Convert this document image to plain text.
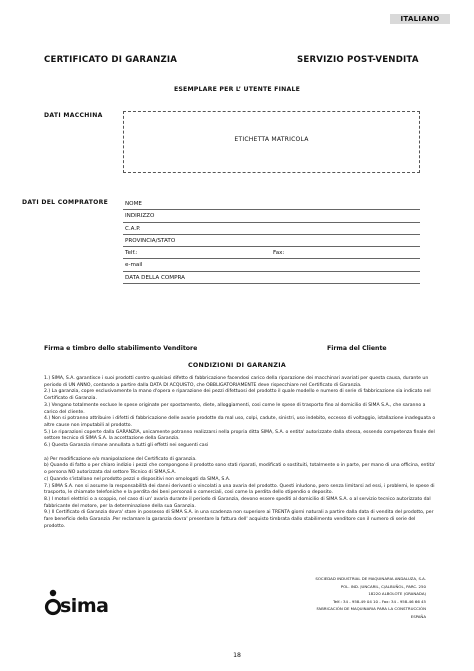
ITALIANO
CERTIFICATO DI GARANZIA	SERVIZIO POST-VENDITA
ESEMPLARE PER L’ UTENTE FINALE
DATI MACCHINA
ETICHETTA MATRICOLA
DATI DEL COMPRATORE	NOME
INDIRIZZO
C.A.P.
PROVINCIA/STATO
Telf.:	Fax:
e-mail
DATA DELLA COMPRA
Firma e timbro dello stabilimento Venditore	Firma del Cliente
CONDIZIONI DI GARANZIA

1.) SIMA, S.A. garantisce i suoi prodotti contro qualsiasi difetto di fabbricazione facendosi carico della riparazione dei macchinari avariati per questa causa, durante un periodo di UN ANNO, contando a partire dalla DATA DI ACQUISTO, che OBBLIGATORIAMENTE deve rispecchiare nel Certificato di Garanzia.

2.) La garanzia, copre esclusivamente la mano d'opera e riparazione dei pezzi difettuosi del prodotto il quale modello e numero di serie di fabbricazione sia indicato nel Certificato di Garanzia.

3.) Vengano totalmente escluse le spese originate per spostamento, diete, alloggiamenti, cosi come le spese di trasporto fino al domicilio di SIMA S.A., che saranno a carico del cliente.

4.) Non si potranno attribuire i difetti di fabbricazione delle avarie prodotte da mal uso, colpi, cadute, sinistri, uso indebito, eccesso di voltaggio, istallazione inadeguata o altre cause non imputabili al prodotto.

5.) Le riparazioni coperte dalla GARANZIA, unicamente potranno realizzarsi nella propria ditta SIMA, S.A. o entita' autorizzate dalla stessa, essendo competenza finale del settore tecnico di SIMA S.A. la accettazione della Garanzia.

6.) Questa Garanzia rimane annullata a tutti gli effetti nei seguenti casi

a) Per modificazione e/o manipolazione del Certificato di garanzia.

b) Quando di fatto o per chiaro indizio i pezzi che compongono il prodotto sono stati riparati, modificati o sostituiti, totalmente o in parte, per mano di una officina, entita' o persona NO autorizzata dal settore Técnico di SIMA,S.A.

c) Quando s'istallano nel prodotto pezzi o dispositivi non omologati da SIMA, S.A.

7.) SIMA S.A. non si assume la responsabilità dei danni derivanti o vincolati a una avaria del prodotto. Questi inludono, pero senza limitarsi ad essi, i problemi, le spese di trasporto, le chiamate telefoniche e la perdita dei beni personali o comerciali, cosi come la perdita dello stipendio o deposito.

8.) I motori elettrici o a scoppio, nel caso di un' avaria durante il periodo di Garanzia, devono essere spediti al domicilio di SIMA S.A. o al servizio tecnico autorizzato dal fabbricante del motore, per la determinazione della sua Garanzia.

9.) Il Certificato di Garanzia dovra' stare in possesso di SIMA S.A. in una scadenza non superiore ai TRENTA giorni naturali a partire dalla data di vendita del prodotto, per fare beneficio della Garanzia .Per reclamare la garanzia dovra' presentare la fattura dell' acquisto timbrata dallo stabilimento venditore con il numero di serie del prodotto.

sima
SOCIEDAD INDUSTRIAL DE MAQUINARIA ANDALUZA, S.A.
POL. IND. JUNCARIL, C/ALBUÑOL, PARC. 250
18220 ALBOLOTE (GRANADA)
Telf.: 34 - 958-49 04 10 - Fax: 34 - 958-46 66 45
FABRICACIÓN DE MAQUINARIA PARA LA CONSTRUCCIÓN
ESPAÑA
18
